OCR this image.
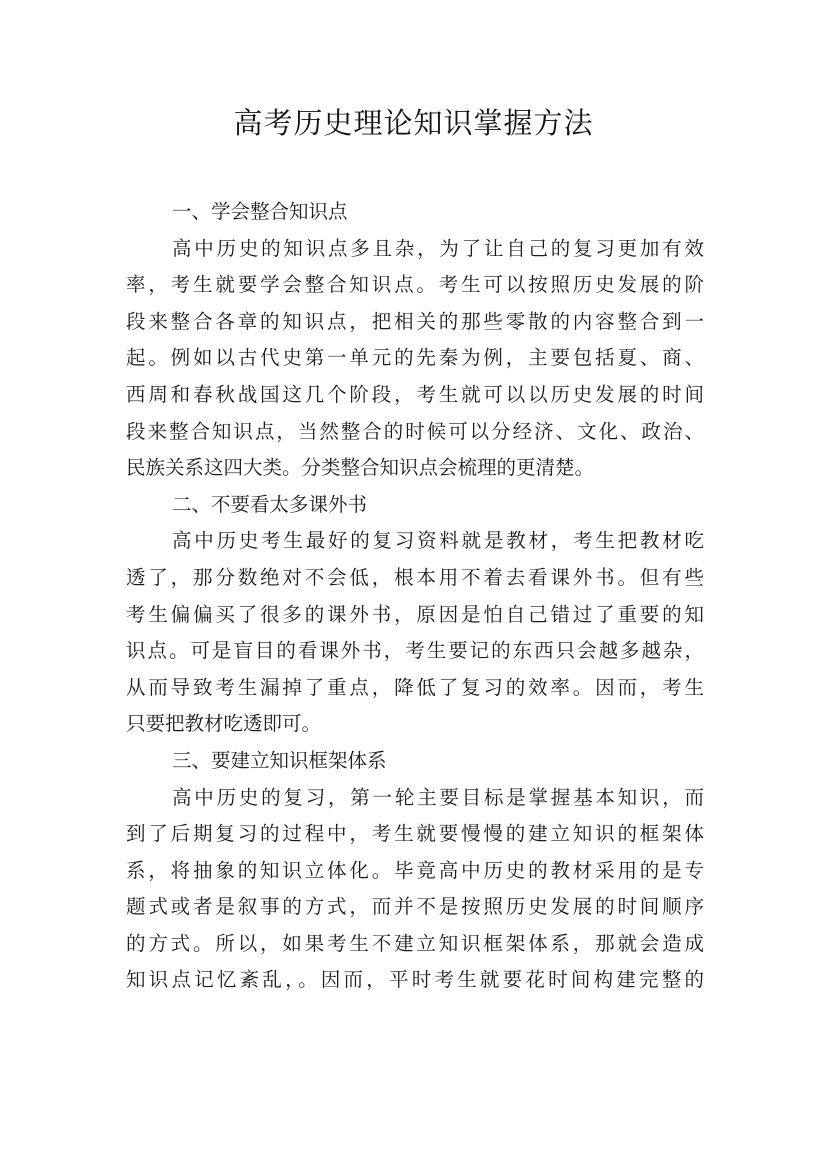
高考历史理论知识掌握方法
一、学会整合知识点
高中历史的知识点多且杂，为了让自己的复习更加有效
率，考生就要学会整合知识点。考生可以按照历史发展的阶
段来整合各章的知识点，把相关的那些零散的内容整合到一
起。例如以古代史第一单元的先秦为例，主要包括夏、商、
西周和春秋战国这几个阶段，考生就可以以历史发展的时间
段来整合知识点，当然整合的时候可以分经济、文化、政治、
民族关系这四大类。分类整合知识点会梳理的更清楚。
二、不要看太多课外书
高中历史考生最好的复习资料就是教材，考生把教材吃
透了，那分数绝对不会低，根本用不着去看课外书。但有些
考生偏偏买了很多的课外书，原因是怕自己错过了重要的知
识点。可是盲目的看课外书，考生要记的东西只会越多越杂，
从而导致考生漏掉了重点，降低了复习的效率。因而，考生
只要把教材吃透即可。
三、要建立知识框架体系
高中历史的复习，第一轮主要目标是掌握基本知识，而
到了后期复习的过程中，考生就要慢慢的建立知识的框架体
系，将抽象的知识立体化。毕竟高中历史的教材采用的是专
题式或者是叙事的方式，而并不是按照历史发展的时间顺序
的方式。所以，如果考生不建立知识框架体系，那就会造成
知识点记忆紊乱，。因而，平时考生就要花时间构建完整的
